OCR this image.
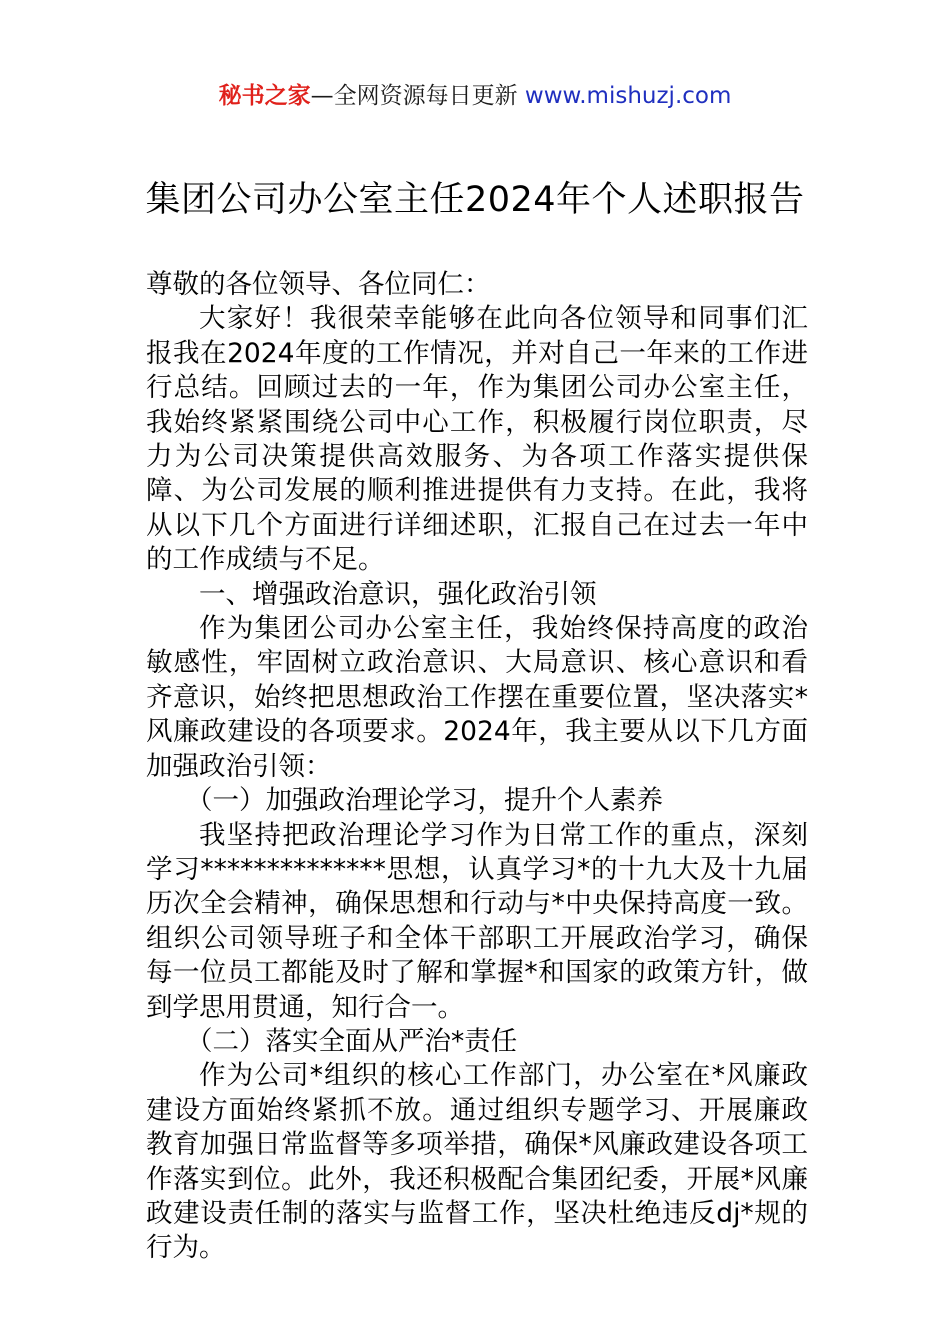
秘书之家—全网资源每日更新 www.mishuzj.com
集团公司办公室主任2024年个人述职报告

尊敬的各位领导、各位同仁：

大家好！我很荣幸能够在此向各位领导和同事们汇报我在2024年度的工作情况，并对自己一年来的工作进行总结。回顾过去的一年，作为集团公司办公室主任，我始终紧紧围绕公司中心工作，积极履行岗位职责，尽力为公司决策提供高效服务、为各项工作落实提供保障、为公司发展的顺利推进提供有力支持。在此，我将从以下几个方面进行详细述职，汇报自己在过去一年中的工作成绩与不足。

一、增强政治意识，强化政治引领

作为集团公司办公室主任，我始终保持高度的政治敏感性，牢固树立政治意识、大局意识、核心意识和看齐意识，始终把思想政治工作摆在重要位置，坚决落实*风廉政建设的各项要求。2024年，我主要从以下几方面加强政治引领：

（一）加强政治理论学习，提升个人素养

我坚持把政治理论学习作为日常工作的重点，深刻学习**************思想，认真学习*的十九大及十九届历次全会精神，确保思想和行动与*中央保持高度一致。组织公司领导班子和全体干部职工开展政治学习，确保每一位员工都能及时了解和掌握*和国家的政策方针，做到学思用贯通，知行合一。

（二）落实全面从严治*责任

作为公司*组织的核心工作部门，办公室在*风廉政建设方面始终紧抓不放。通过组织专题学习、开展廉政教育加强日常监督等多项举措，确保*风廉政建设各项工作落实到位。此外，我还积极配合集团纪委，开展*风廉政建设责任制的落实与监督工作，坚决杜绝违反dj*规的行为。
